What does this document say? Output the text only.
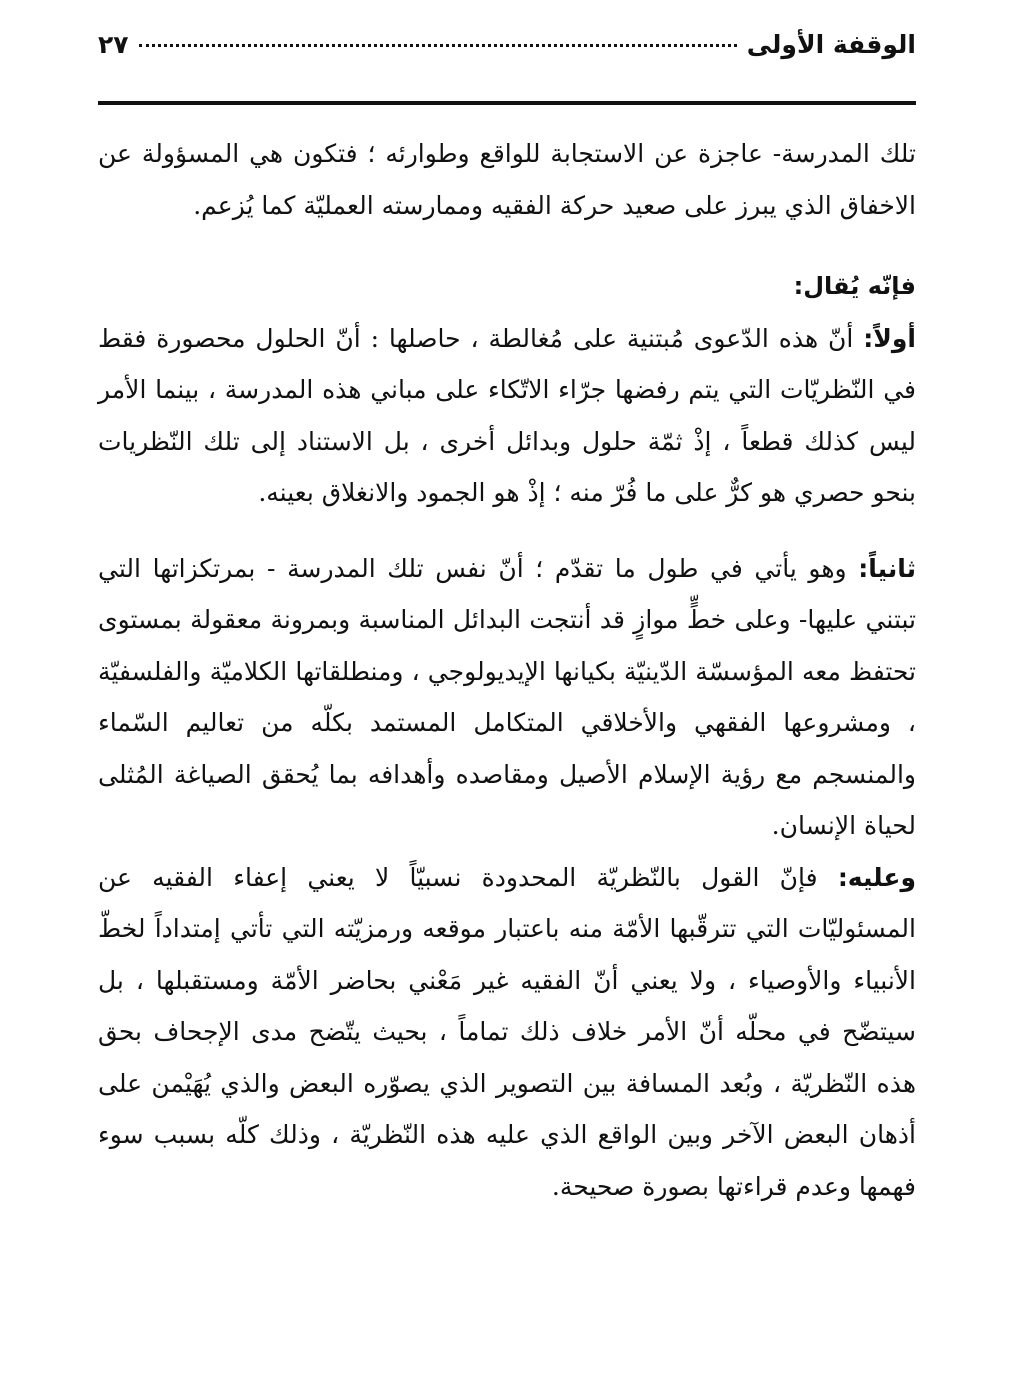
الوقفة الأولى
٢٧

تلك المدرسة- عاجزة عن الاستجابة للواقع وطوارئه ؛ فتكون هي المسؤولة عن الاخفاق الذي يبرز على صعيد حركة الفقيه وممارسته العمليّة كما يُزعم.

فإنّه يُقال:

أولاً: أنّ هذه الدّعوى مُبتنية على مُغالطة ، حاصلها : أنّ الحلول محصورة فقط في النّظريّات التي يتم رفضها جرّاء الاتّكاء على مباني هذه المدرسة ، بينما الأمر ليس كذلك قطعاً ، إذْ ثمّة حلول وبدائل أخرى ، بل الاستناد إلى تلك النّظريات بنحو حصري هو كرٌّ على ما فُرّ منه ؛ إذْ هو الجمود والانغلاق بعينه.

ثانياً: وهو يأتي في طول ما تقدّم ؛ أنّ نفس تلك المدرسة - بمرتكزاتها التي تبتني عليها- وعلى خطٍّ موازٍ قد أنتجت البدائل المناسبة وبمرونة معقولة بمستوى تحتفظ معه المؤسسّة الدّينيّة بكيانها الإيديولوجي ، ومنطلقاتها الكلاميّة والفلسفيّة ، ومشروعها الفقهي والأخلاقي المتكامل المستمد بكلّه من تعاليم السّماء والمنسجم مع رؤية الإسلام الأصيل ومقاصده وأهدافه بما يُحقق الصياغة المُثلى لحياة الإنسان.

وعليه: فإنّ القول بالنّظريّة المحدودة نسبيّاً لا يعني إعفاء الفقيه عن المسئوليّات التي تترقّبها الأمّة منه باعتبار موقعه ورمزيّته التي تأتي إمتداداً لخطّ الأنبياء والأوصياء ، ولا يعني أنّ الفقيه غير مَعْني بحاضر الأمّة ومستقبلها ، بل سيتضّح في محلّه أنّ الأمر خلاف ذلك تماماً ، بحيث يتّضح مدى الإجحاف بحق هذه النّظريّة ، وبُعد المسافة بين التصوير الذي يصوّره البعض والذي يُهَيْمن على أذهان البعض الآخر وبين الواقع الذي عليه هذه النّظريّة ، وذلك كلّه بسبب سوء فهمها وعدم قراءتها بصورة صحيحة.
